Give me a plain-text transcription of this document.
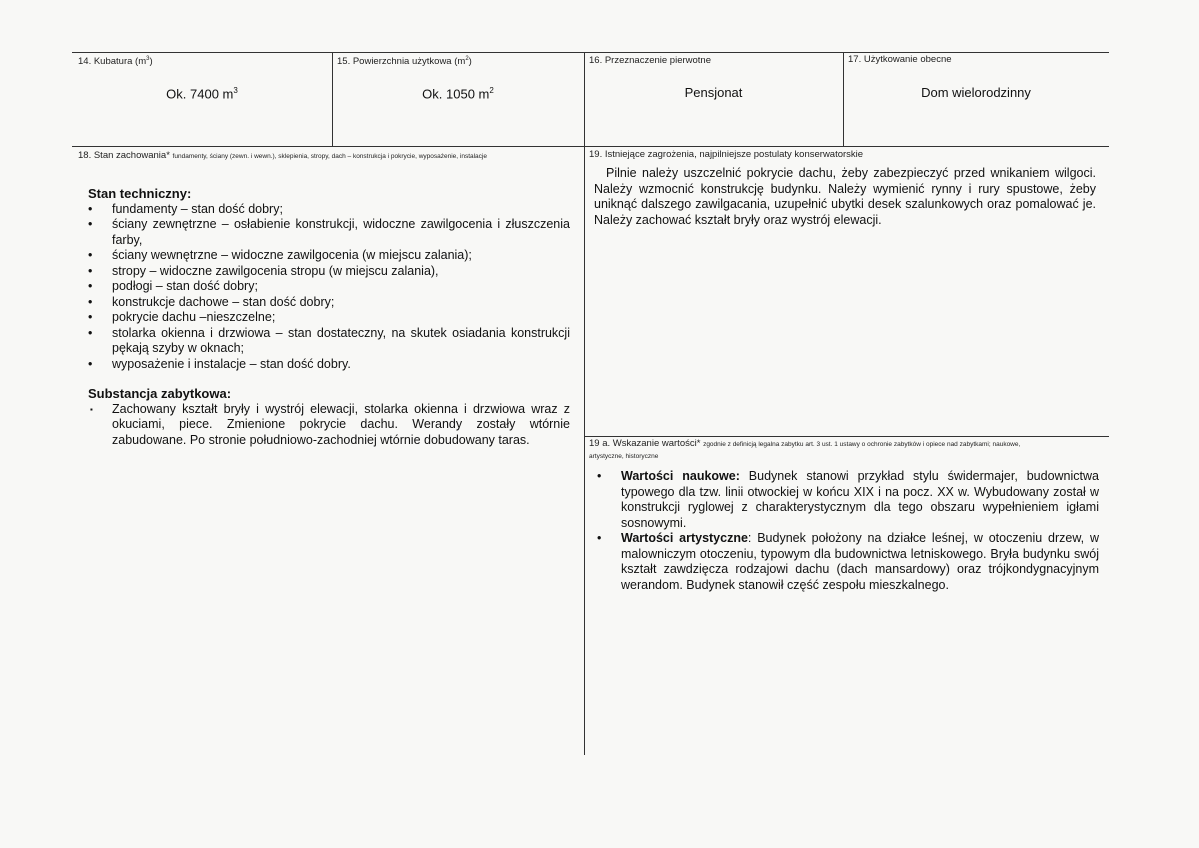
14. Kubatura $(m^3)$
Ok. 7400 $m^3$
15. Powierzchnia użytkowa $(m^2)$
Ok. 1050 $m^2$
16. Przeznaczenie pierwotne
Pensjonat
17. Użytkowanie obecne
Dom wielorodzinny
18. Stan zachowania* fundamenty, ściany (zewn. i wewn.), sklepienia, stropy, dach – konstrukcja i pokrycie, wyposażenie, instalacje
Stan techniczny:
• fundamenty – stan dość dobry;
• ściany zewnętrzne – osłabienie konstrukcji, widoczne zawilgocenia i złuszczenia farby,
• ściany wewnętrzne – widoczne zawilgocenia (w miejscu zalania);
• stropy – widoczne zawilgocenia stropu (w miejscu zalania),
• podłogi – stan dość dobry;
• konstrukcje dachowe – stan dość dobry;
• pokrycie dachu –nieszczelne;
• stolarka okienna i drzwiowa – stan dostateczny, na skutek osiadania konstrukcji pękają szyby w oknach;
• wyposażenie i instalacje – stan dość dobry.
Substancja zabytkowa:
▪ Zachowany kształt bryły i wystrój elewacji, stolarka okienna i drzwiowa wraz z okuciami, piece. Zmienione pokrycie dachu. Werandy zostały wtórnie zabudowane. Po stronie południowo-zachodniej wtórnie dobudowany taras.
19. Istniejące zagrożenia, najpilniejsze postulaty konserwatorskie
Pilnie należy uszczelnić pokrycie dachu, żeby zabezpieczyć przed wnikaniem wilgoci. Należy wzmocnić konstrukcję budynku. Należy wymienić rynny i rury spustowe, żeby uniknąć dalszego zawilgacania, uzupełnić ubytki desek szalunkowych oraz pomalować je. Należy zachować kształt bryły oraz wystrój elewacji.
19 a. Wskazanie wartości* zgodnie z definicją legalna zabytku art. 3 ust. 1 ustawy o ochronie zabytków i opiece nad zabytkami; naukowe,
artystyczne, historyczne
• Wartości naukowe: Budynek stanowi przykład stylu świdermajer, budownictwa typowego dla tzw. linii otwockiej w końcu XIX i na pocz. XX w. Wybudowany został w konstrukcji ryglowej z charakterystycznym dla tego obszaru wypełnieniem igłami sosnowymi.
• Wartości artystyczne: Budynek położony na działce leśnej, w otoczeniu drzew, w malowniczym otoczeniu, typowym dla budownictwa letniskowego. Bryła budynku swój kształt zawdzięcza rodzajowi dachu (dach mansardowy) oraz trójkondygnacyjnym werandom. Budynek stanowił część zespołu mieszkalnego.
